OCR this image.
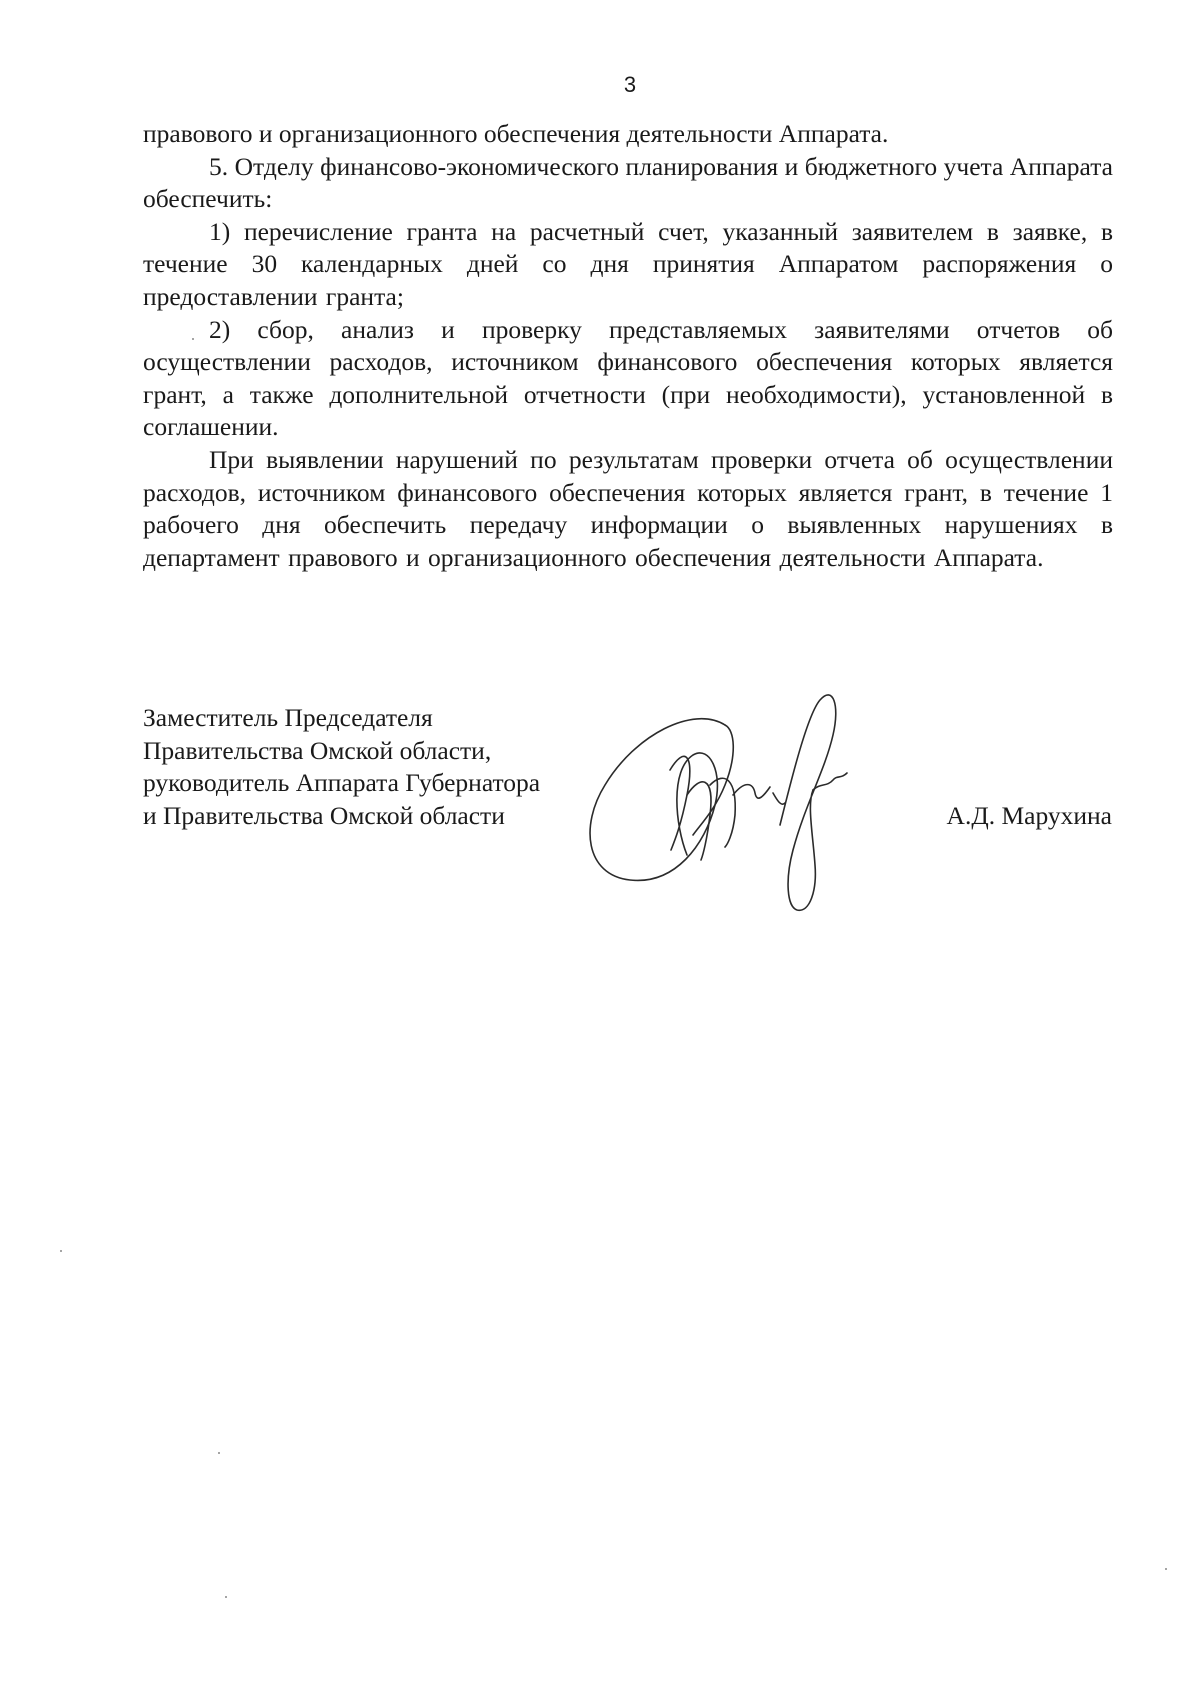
3

правового и организационного обеспечения деятельности Аппарата.

5. Отделу финансово-экономического планирования и бюджетного учета Аппарата обеспечить:

1) перечисление гранта на расчетный счет, указанный заявителем в заявке, в течение 30 календарных дней со дня принятия Аппаратом распоряжения о предоставлении гранта;

2) сбор, анализ и проверку представляемых заявителями отчетов об осуществлении расходов, источником финансового обеспечения которых является грант, а также дополнительной отчетности (при необходимости), установленной в соглашении.

При выявлении нарушений по результатам проверки отчета об осуществлении расходов, источником финансового обеспечения которых является грант, в течение 1 рабочего дня обеспечить передачу информации о выявленных нарушениях в департамент правового и организационного обеспечения деятельности Аппарата.

Заместитель Председателя
Правительства Омской области,
руководитель Аппарата Губернатора
и Правительства Омской области	А.Д. Марухина
